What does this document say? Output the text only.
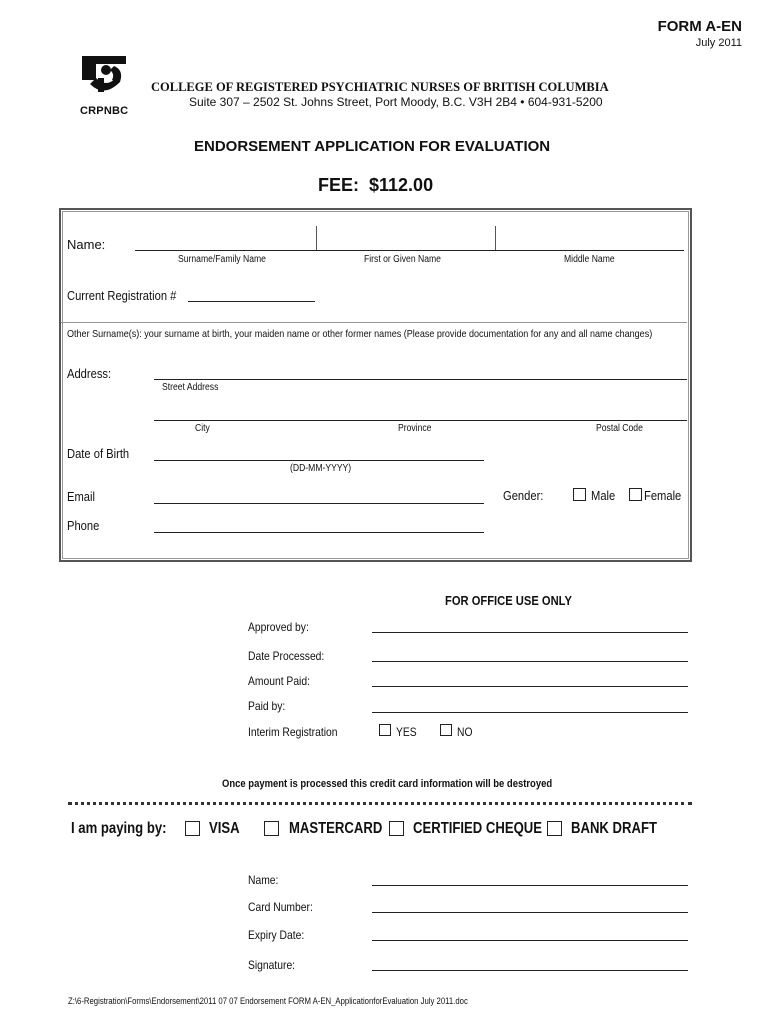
FORM A-EN
July 2011
CRPNBC
COLLEGE OF REGISTERED PSYCHIATRIC NURSES OF BRITISH COLUMBIA
Suite 307 – 2502 St. Johns Street, Port Moody, B.C. V3H 2B4 • 604-931-5200
ENDORSEMENT APPLICATION FOR EVALUATION
FEE:  $112.00
Name:
Surname/Family Name	First or Given Name	Middle Name
Current Registration #
Other Surname(s): your surname at birth, your maiden name or other former names (Please provide documentation for any and all name changes)
Address:
Street Address
City	Province	Postal Code
Date of Birth
(DD-MM-YYYY)
Email
Phone
Gender:	Male	Female
FOR OFFICE USE ONLY
Approved by:
Date Processed:
Amount Paid:
Paid by:
Interim Registration	YES	NO
Once payment is processed this credit card information will be destroyed
I am paying by:	VISA	MASTERCARD	CERTIFIED CHEQUE	BANK DRAFT
Name:
Card Number:
Expiry Date:
Signature:
Z:\6-Registration\Forms\Endorsement\2011 07 07 Endorsement FORM A-EN_ApplicationforEvaluation July 2011.doc
